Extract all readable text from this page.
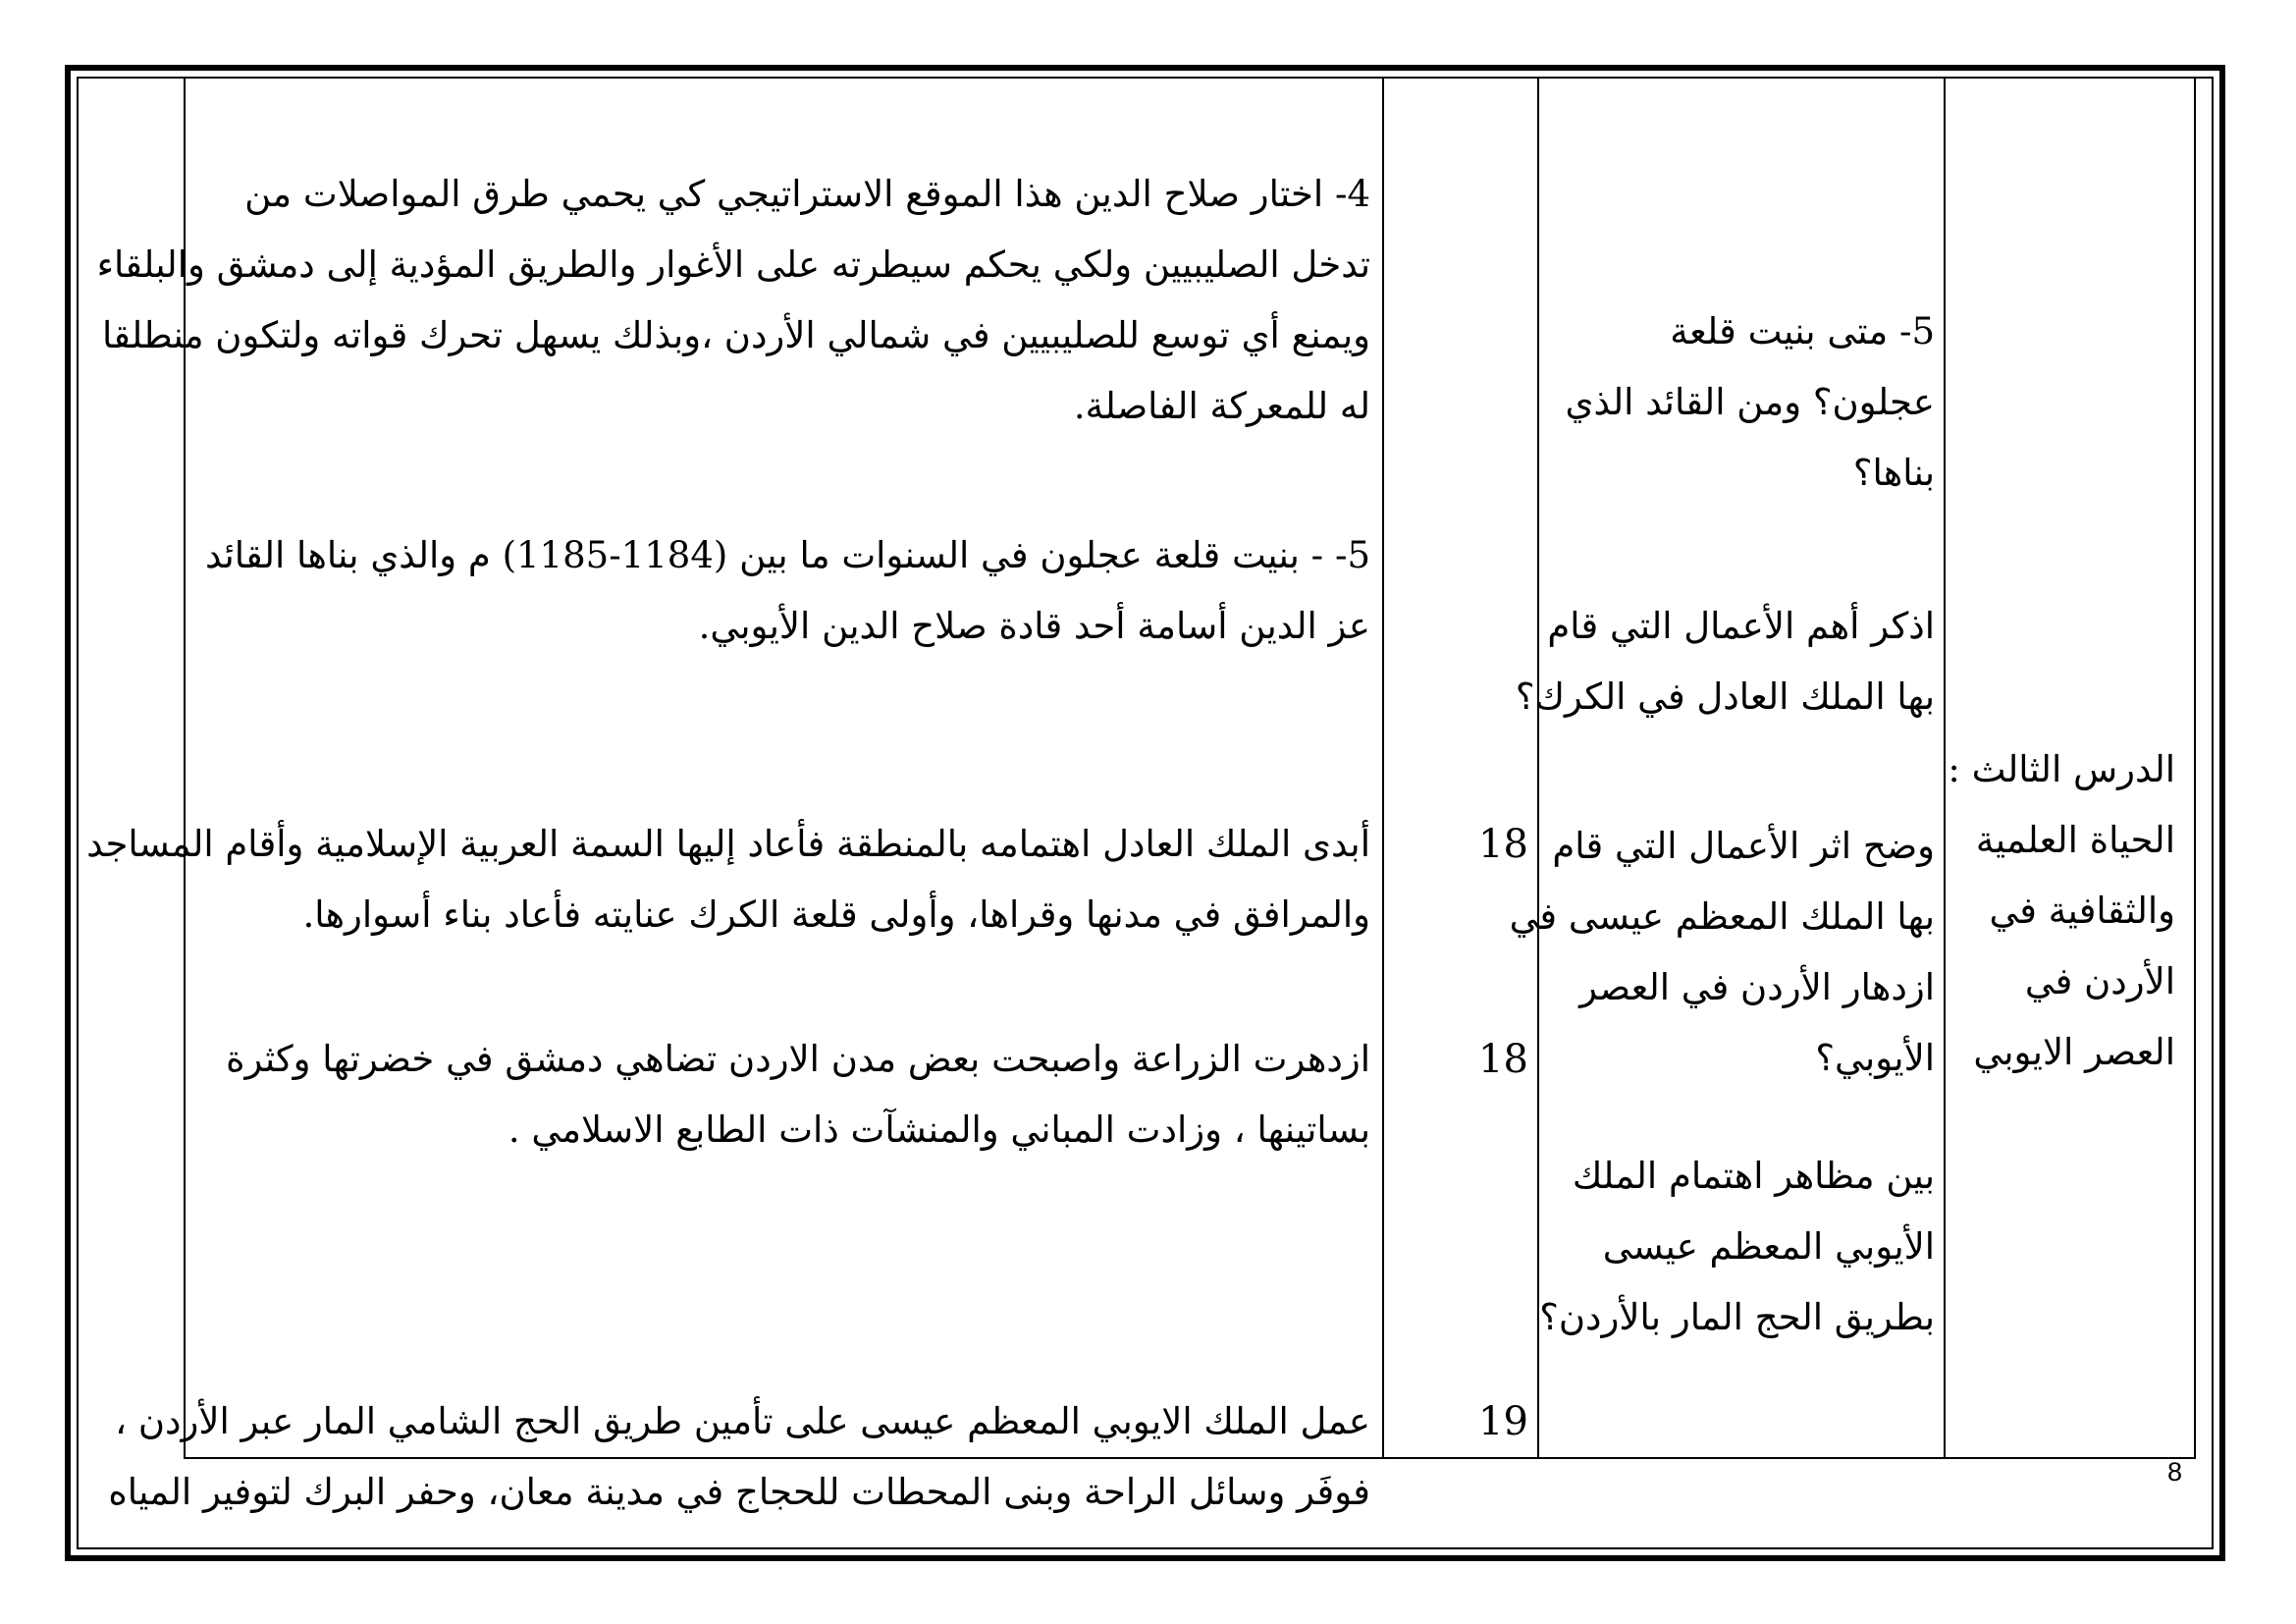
الدرس الثالث :
الحياة العلمية
والثقافية في
الأردن في
العصر الايوبي
5- متى بنيت قلعة
عجلون؟ ومن القائد الذي
بناها؟
اذكر أهم الأعمال التي قام
بها الملك العادل في الكرك؟
وضح اثر الأعمال التي قام
بها الملك المعظم عيسى في
ازدهار الأردن في العصر
الأيوبي؟
بين مظاهر اهتمام الملك
الأيوبي المعظم عيسى
بطريق الحج المار بالأردن؟
18
18
19
4- اختار صلاح الدين هذا الموقع الاستراتيجي كي يحمي طرق المواصلات من
تدخل الصليبيين ولكي يحكم سيطرته على الأغوار والطريق المؤدية إلى دمشق والبلقاء
ويمنع أي توسع للصليبيين في شمالي الأردن ،وبذلك يسهل تحرك قواته ولتكون منطلقا
له للمعركة الفاصلة.
5- - بنيت قلعة عجلون في السنوات ما بين (1184-1185) م والذي بناها القائد
عز الدين أسامة أحد قادة صلاح الدين الأيوبي.
أبدى الملك العادل اهتمامه بالمنطقة فأعاد إليها السمة العربية الإسلامية وأقام المساجد
والمرافق في مدنها وقراها، وأولى قلعة الكرك عنايته فأعاد بناء أسوارها.
ازدهرت الزراعة واصبحت بعض مدن الاردن تضاهي دمشق في خضرتها وكثرة
بساتينها ، وزادت المباني والمنشآت ذات الطابع الاسلامي .
عمل الملك الايوبي المعظم عيسى على تأمين طريق الحج الشامي المار عبر الأردن ،
فوفَر وسائل الراحة وبنى المحطات للحجاج في مدينة معان، وحفر البرك لتوفير المياه	8
